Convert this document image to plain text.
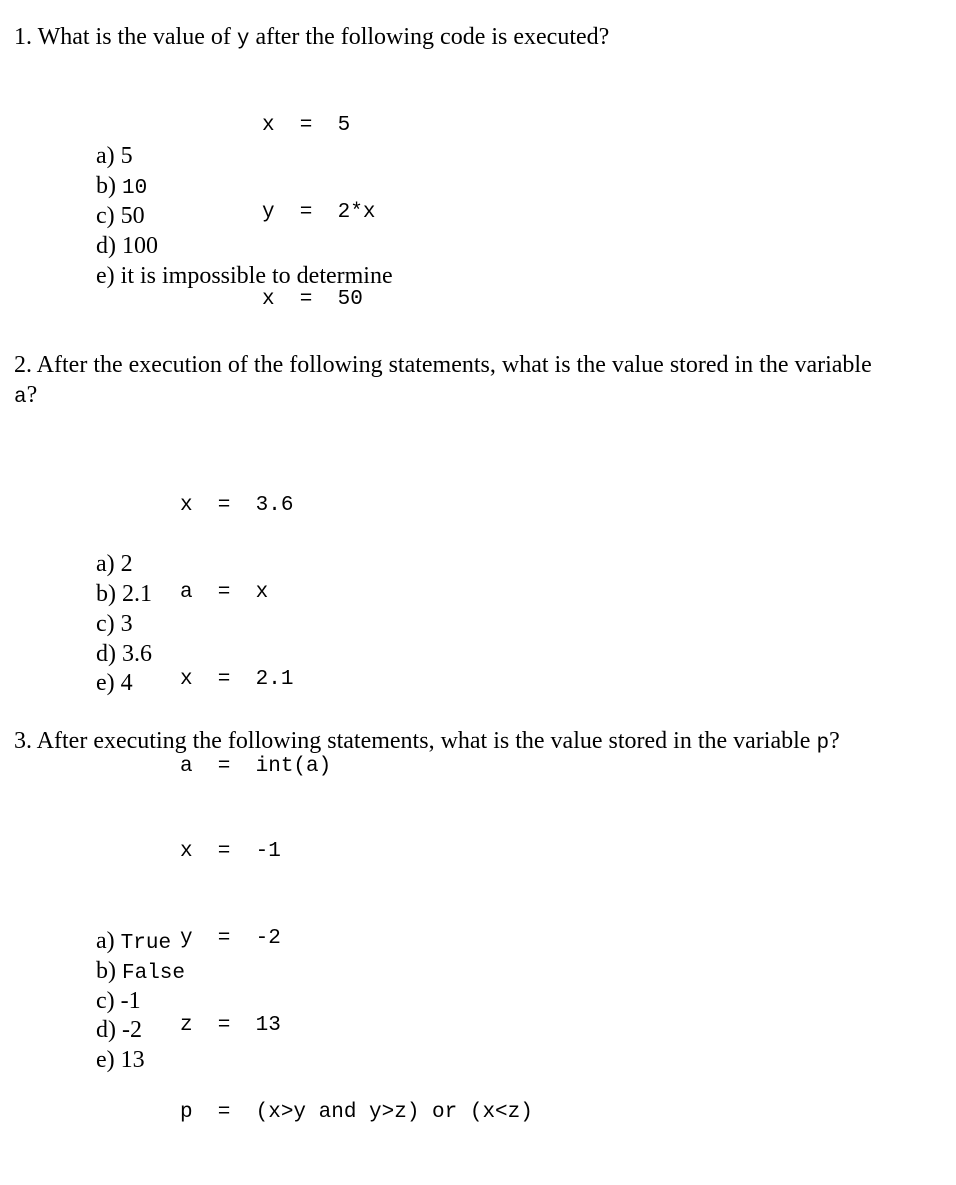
1. What is the value of y after the following code is executed?

x  =  5

y  =  2*x

x  =  50

a) 5
b) 10
c) 50
d) 100
e) it is impossible to determine
2. After the execution of the following statements, what is the value stored in the variable
a?

x  =  3.6

a  =  x

x  =  2.1

a  =  int(a)

a) 2
b) 2.1
c) 3
d) 3.6
e) 4
3. After executing the following statements, what is the value stored in the variable p?

x  =  -1

y  =  -2

z  =  13

p  =  (x>y and y>z) or (x<z)

a) True
b) False
c) -1
d) -2
e) 13
